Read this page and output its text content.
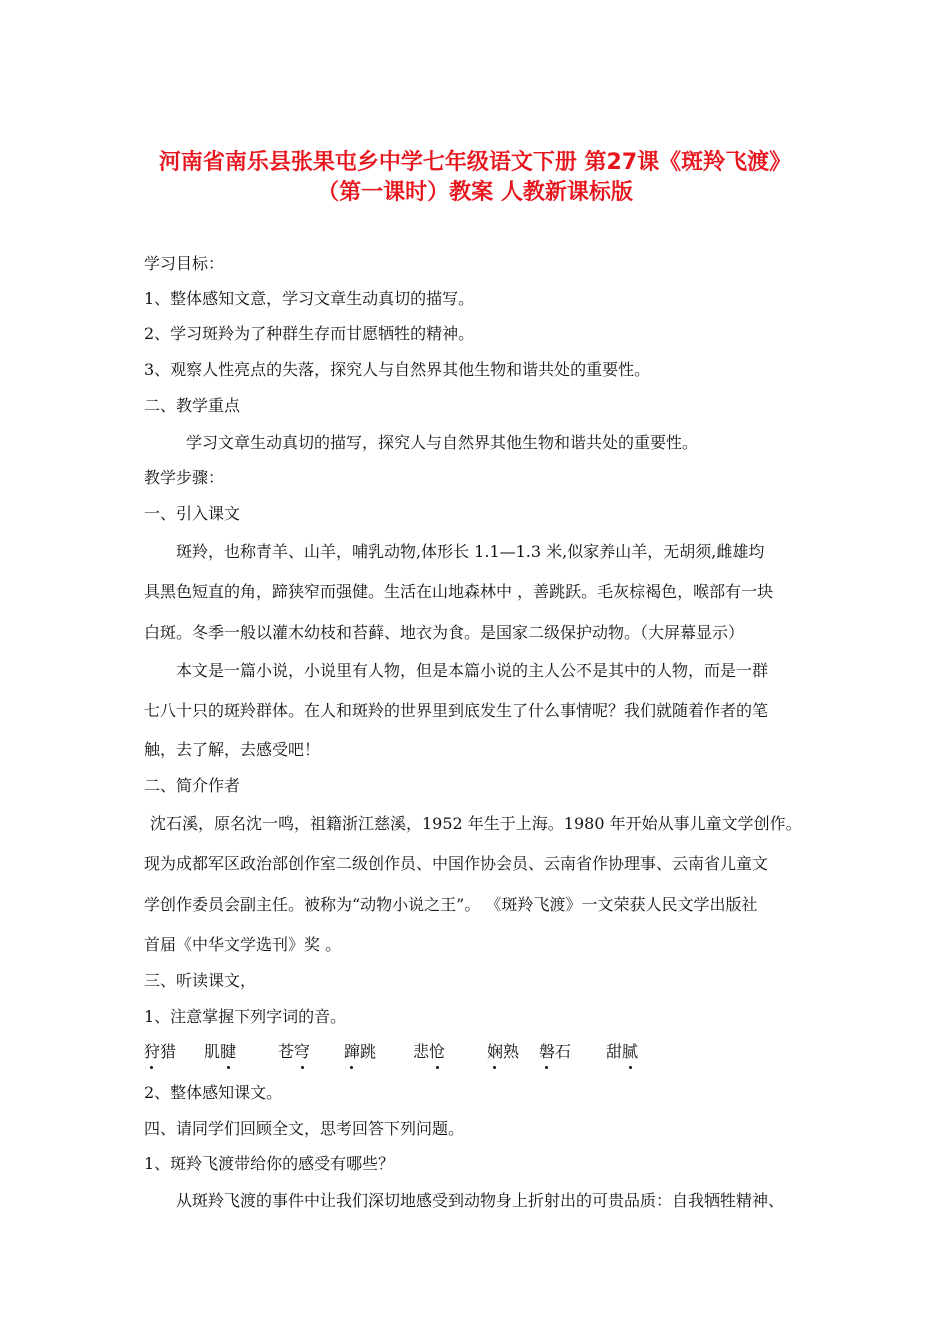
河南省南乐县张果屯乡中学七年级语文下册 第27课《斑羚飞渡》
（第一课时）教案 人教新课标版
学习目标：
1、整体感知文意，学习文章生动真切的描写。
2、学习斑羚为了种群生存而甘愿牺牲的精神。
3、观察人性亮点的失落，探究人与自然界其他生物和谐共处的重要性。
二、教学重点
学习文章生动真切的描写，探究人与自然界其他生物和谐共处的重要性。
教学步骤：
一、引入课文
斑羚，也称青羊、山羊，哺乳动物,体形长 1.1—1.3 米,似家养山羊，无胡须,雌雄均
具黑色短直的角，蹄狭窄而强健。生活在山地森林中 ，善跳跃。毛灰棕褐色，喉部有一块
白斑。冬季一般以灌木幼枝和苔藓、地衣为食。是国家二级保护动物。（大屏幕显示）
本文是一篇小说，小说里有人物，但是本篇小说的主人公不是其中的人物，而是一群
七八十只的斑羚群体。在人和斑羚的世界里到底发生了什么事情呢？我们就随着作者的笔
触，去了解，去感受吧！
二、简介作者
沈石溪，原名沈一鸣，祖籍浙江慈溪，1952 年生于上海。1980 年开始从事儿童文学创作。
现为成都军区政治部创作室二级创作员、中国作协会员、云南省作协理事、云南省儿童文
学创作委员会副主任。被称为“动物小说之王”。 《斑羚飞渡》一文荣获人民文学出版社
首届《中华文学选刊》奖 。
三、听读课文，
1、注意掌握下列字词的音。
狩猎 肌腱	苍穹 蹿跳 悲怆	娴熟 磐石 甜腻
2、整体感知课文。
四、请同学们回顾全文，思考回答下列问题。
1、斑羚飞渡带给你的感受有哪些？
从斑羚飞渡的事件中让我们深切地感受到动物身上折射出的可贵品质：自我牺牲精神、
